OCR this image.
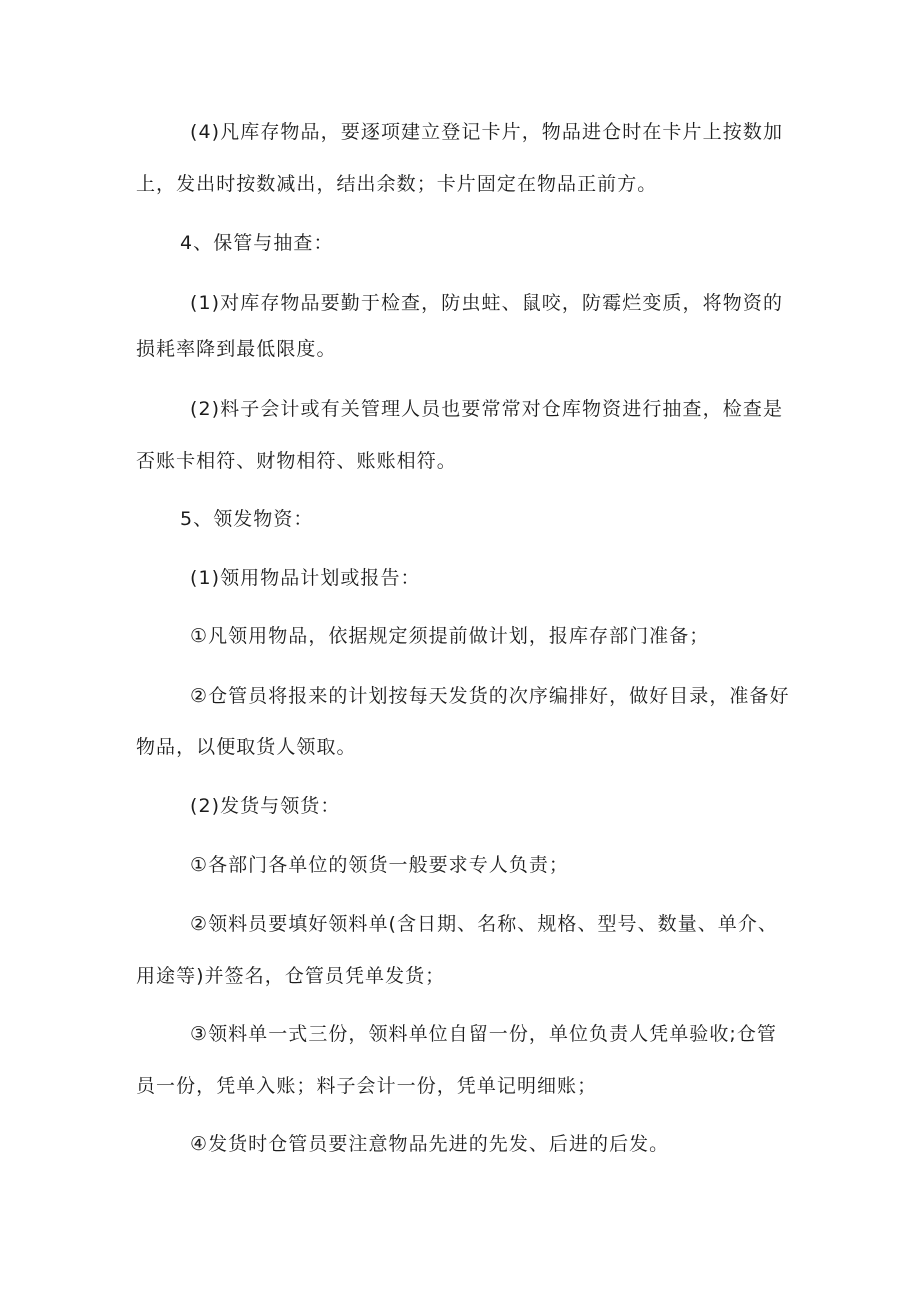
(4)凡库存物品，要逐项建立登记卡片，物品进仓时在卡片上按数加
上，发出时按数减出，结出余数；卡片固定在物品正前方。
4、保管与抽查：
(1)对库存物品要勤于检查，防虫蛀、鼠咬，防霉烂变质，将物资的
损耗率降到最低限度。
(2)料子会计或有关管理人员也要常常对仓库物资进行抽查，检查是
否账卡相符、财物相符、账账相符。
5、领发物资：
(1)领用物品计划或报告：
①凡领用物品，依据规定须提前做计划，报库存部门准备；
②仓管员将报来的计划按每天发货的次序编排好，做好目录，准备好
物品，以便取货人领取。
(2)发货与领货：
①各部门各单位的领货一般要求专人负责；
②领料员要填好领料单(含日期、名称、规格、型号、数量、单介、
用途等)并签名，仓管员凭单发货；
③领料单一式三份，领料单位自留一份，单位负责人凭单验收;仓管
员一份，凭单入账；料子会计一份，凭单记明细账；
④发货时仓管员要注意物品先进的先发、后进的后发。
